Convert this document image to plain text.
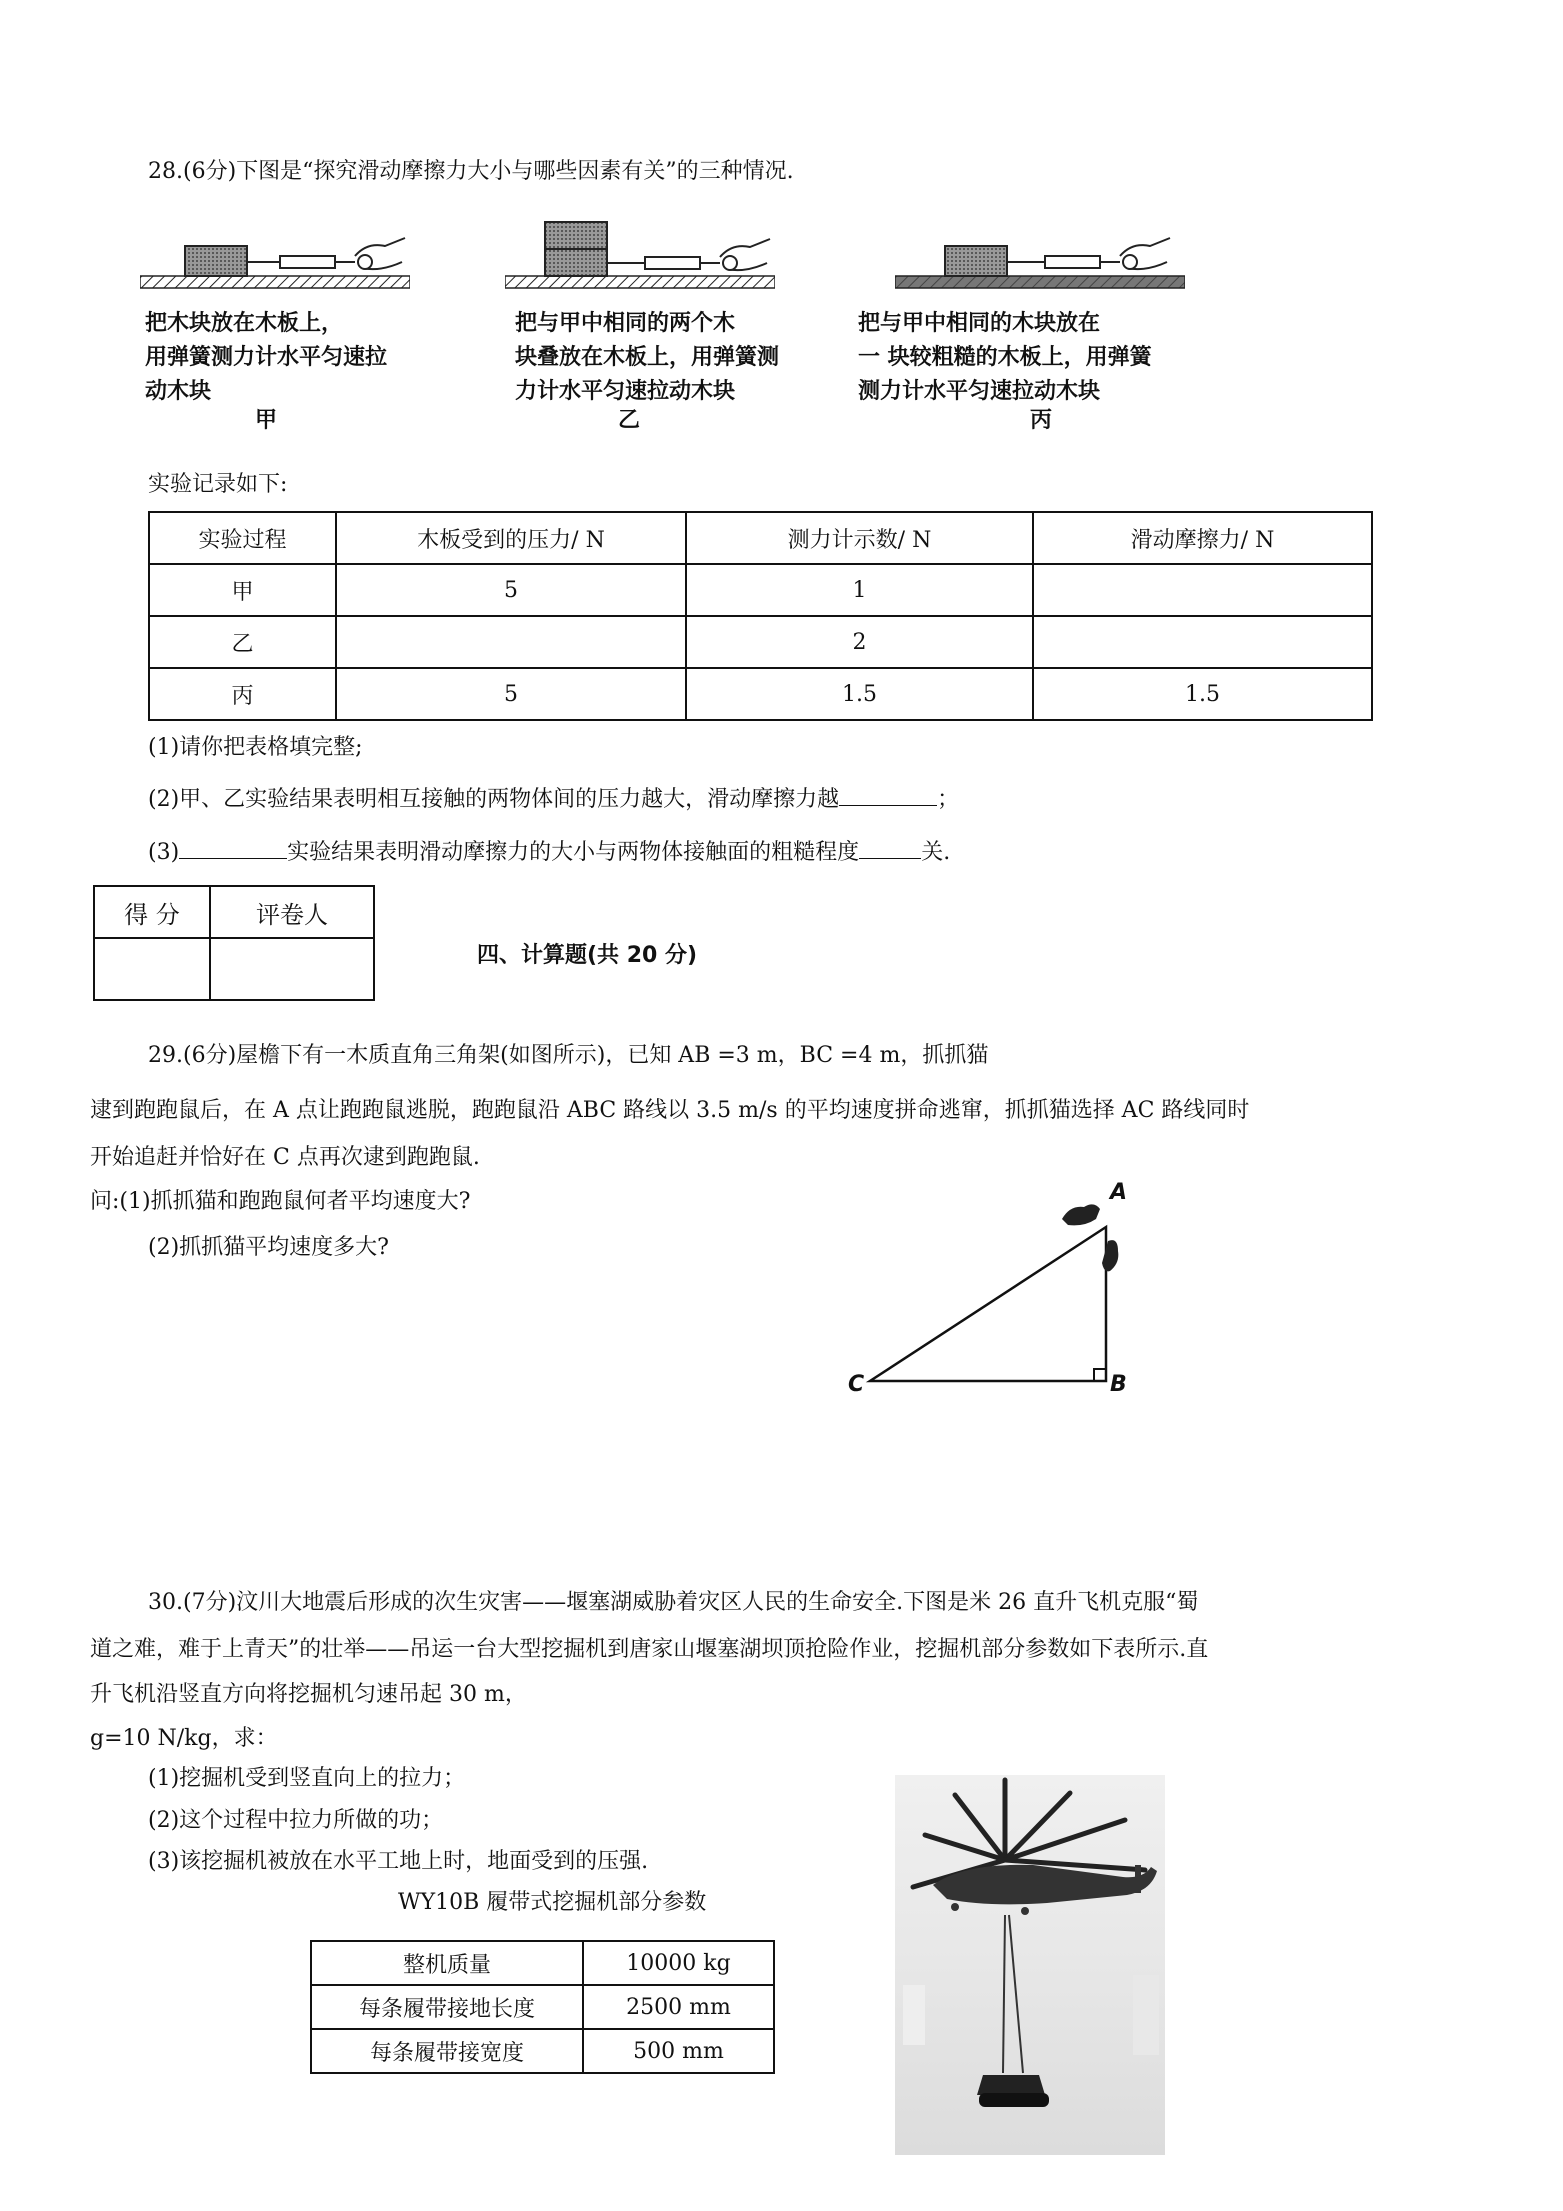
28.(6分)下图是“探究滑动摩擦力大小与哪些因素有关”的三种情况.
把木块放在木板上，
用弹簧测力计水平匀速拉
动木块
甲
把与甲中相同的两个木
块叠放在木板上，用弹簧测
力计水平匀速拉动木块
乙
把与甲中相同的木块放在
一 块较粗糙的木板上，用弹簧
测力计水平匀速拉动木块
丙
实验记录如下:
实验过程	木板受到的压力/ N	测力计示数/ N	滑动摩擦力/ N
甲	5	1	
乙		2	
丙	5	1.5	1.5
(1)请你把表格填完整;
(2)甲、乙实验结果表明相互接触的两物体间的压力越大，滑动摩擦力越	；
(3)	实验结果表明滑动摩擦力的大小与两物体接触面的粗糙程度	关.
得 分	评卷人

四、计算题(共 20 分)
29.(6分)屋檐下有一木质直角三角架(如图所示)，已知 AB =3 m，BC =4 m，抓抓猫
逮到跑跑鼠后，在 A 点让跑跑鼠逃脱，跑跑鼠沿 ABC 路线以 3.5 m/s 的平均速度拼命逃窜，抓抓猫选择 AC 路线同时
开始追赶并恰好在 C 点再次逮到跑跑鼠.
问:(1)抓抓猫和跑跑鼠何者平均速度大?
(2)抓抓猫平均速度多大?
A
B
C
30.(7分)汶川大地震后形成的次生灾害——堰塞湖威胁着灾区人民的生命安全.下图是米 26 直升飞机克服“蜀
道之难，难于上青天”的壮举——吊运一台大型挖掘机到唐家山堰塞湖坝顶抢险作业，挖掘机部分参数如下表所示.直
升飞机沿竖直方向将挖掘机匀速吊起 30 m，
g=10 N/kg，求：
(1)挖掘机受到竖直向上的拉力；
(2)这个过程中拉力所做的功；
(3)该挖掘机被放在水平工地上时，地面受到的压强.
WY10B 履带式挖掘机部分参数
整机质量	10000 kg
每条履带接地长度	2500 mm
每条履带接宽度	500 mm
